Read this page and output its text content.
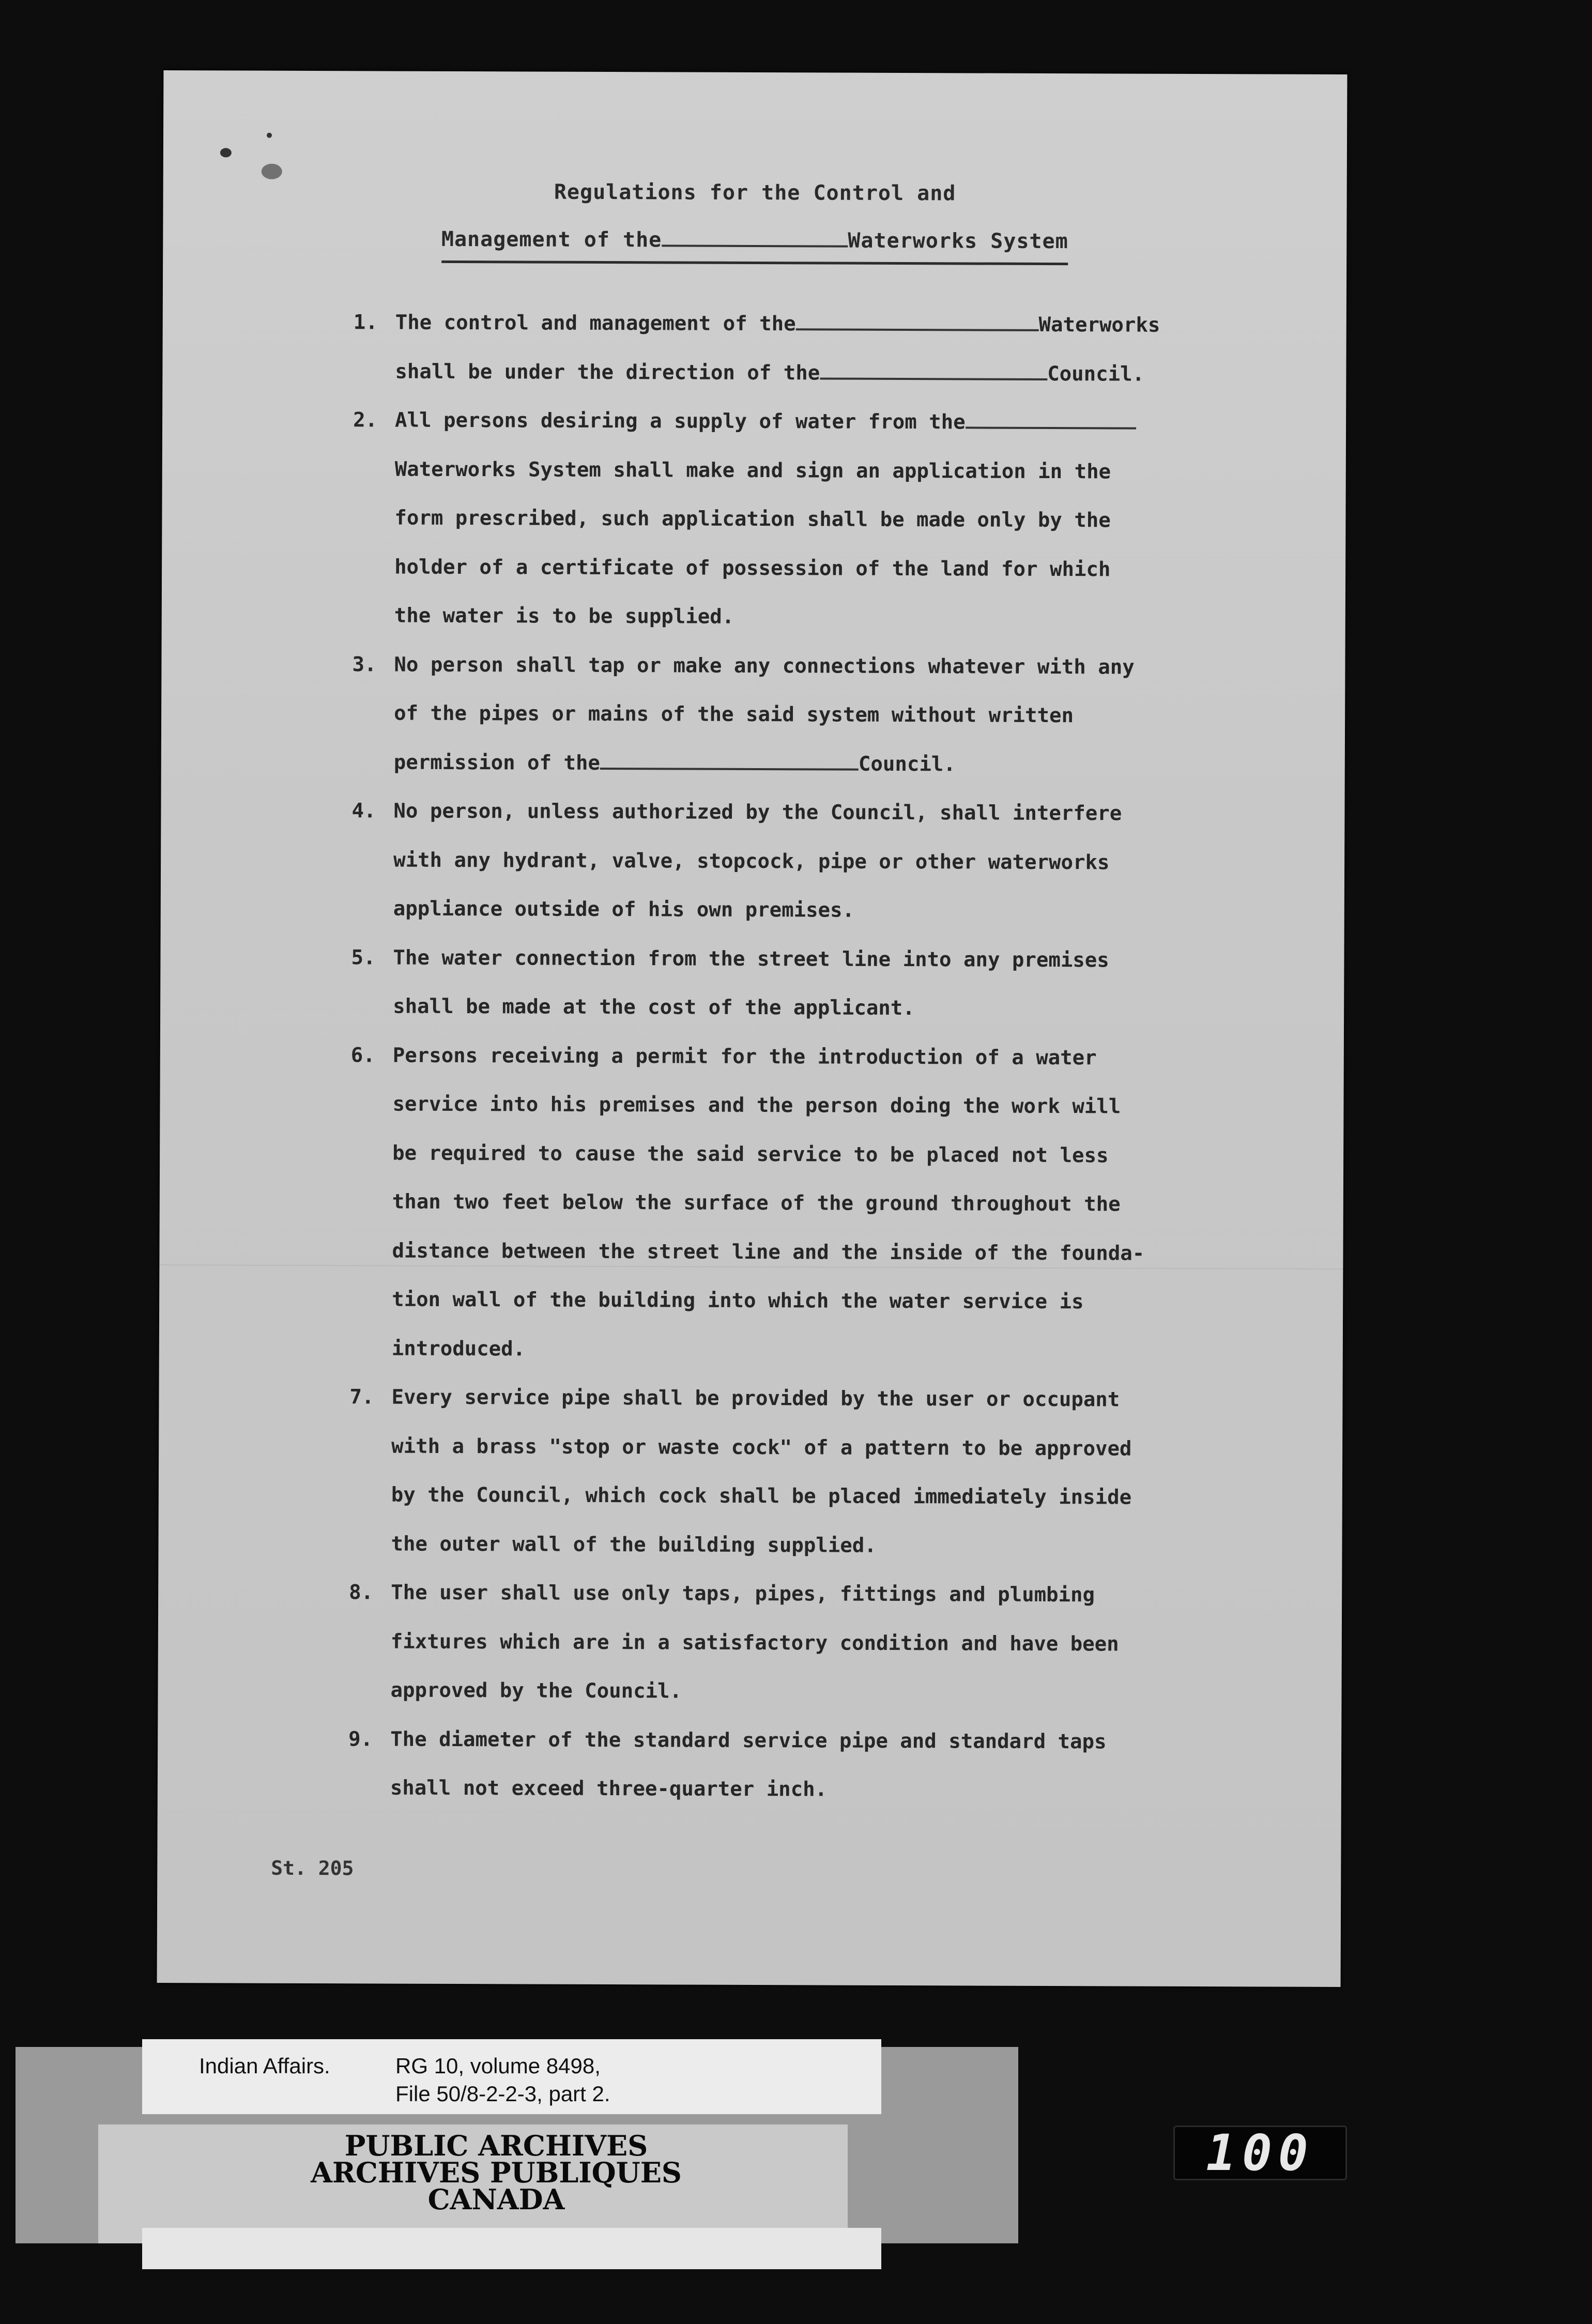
Regulations for the Control and
Management of the	Waterworks System
1. The control and management of the	Waterworks
shall be under the direction of the	Council.
2. All persons desiring a supply of water from the
Waterworks System shall make and sign an application in the
form prescribed, such application shall be made only by the
holder of a certificate of possession of the land for which
the water is to be supplied.
3. No person shall tap or make any connections whatever with any
of the pipes or mains of the said system without written
permission of the	Council.
4. No person, unless authorized by the Council, shall interfere
with any hydrant, valve, stopcock, pipe or other waterworks
appliance outside of his own premises.
5. The water connection from the street line into any premises
shall be made at the cost of the applicant.
6. Persons receiving a permit for the introduction of a water
service into his premises and the person doing the work will
be required to cause the said service to be placed not less
than two feet below the surface of the ground throughout the
distance between the street line and the inside of the founda-
tion wall of the building into which the water service is
introduced.
7. Every service pipe shall be provided by the user or occupant
with a brass "stop or waste cock" of a pattern to be approved
by the Council, which cock shall be placed immediately inside
the outer wall of the building supplied.
8. The user shall use only taps, pipes, fittings and plumbing
fixtures which are in a satisfactory condition and have been
approved by the Council.
9. The diameter of the standard service pipe and standard taps
shall not exceed three-quarter inch.
St. 205
Indian Affairs.	RG 10, volume 8498,
File 50/8-2-2-3, part 2.
PUBLIC ARCHIVES
ARCHIVES PUBLIQUES
CANADA
100
